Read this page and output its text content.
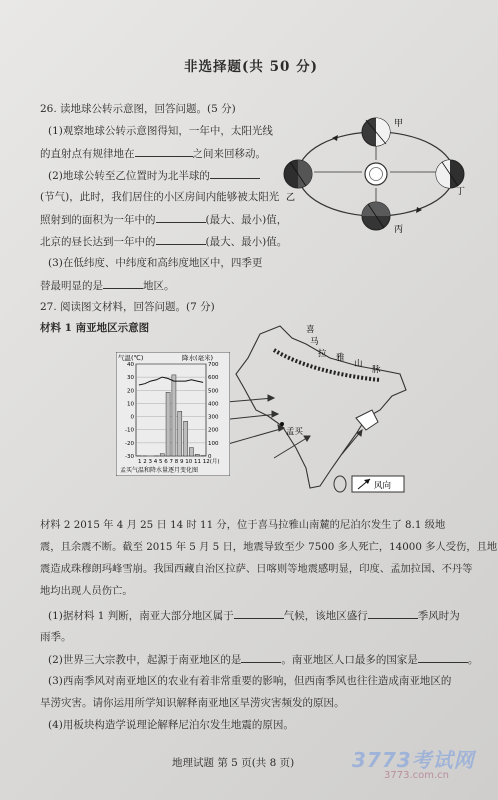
非选择题(共 50 分)
26. 读地球公转示意图，回答问题。(5 分)
(1)观察地球公转示意图得知，一年中，太阳光线
的直射点有规律地在	之间来回移动。
(2)地球公转至乙位置时为北半球的
(节气)，此时，我们居住的小区房间内能够被太阳光
照射到的面积为一年中的	(最大、最小)值，
北京的昼长达到一年中的	(最大、最小)值。
(3)在低纬度、中纬度和高纬度地区中，四季更
替最明显的是	地区。
甲
乙
丙
丁
27. 阅读图文材料，回答问题。(7 分)
材料 1 南亚地区示意图
孟买
喜
马
拉 雅
山
脉
风向
气温(℃)	降水(毫米)
40
30
20
10
0
-10
-20
-30
700
600
500
400
300
200
100
0
1 2 3 4 5 6 7 8 9 10 11 12(月)
孟买气温和降水量逐月变化图
材料 2 2015 年 4 月 25 日 14 时 11 分，位于喜马拉雅山南麓的尼泊尔发生了 8.1 级地
震，且余震不断。截至 2015 年 5 月 5 日，地震导致至少 7500 多人死亡，14000 多人受伤，且地
震造成珠穆朗玛峰雪崩。我国西藏自治区拉萨、日喀则等地震感明显，印度、孟加拉国、不丹等
地均出现人员伤亡。
(1)据材料 1 判断，南亚大部分地区属于	气候，该地区盛行	季风时为
雨季。
(2)世界三大宗教中，起源于南亚地区的是	。南亚地区人口最多的国家是	。
(3)西南季风对南亚地区的农业有着非常重要的影响，但西南季风也往往造成南亚地区的
旱涝灾害。请你运用所学知识解释南亚地区旱涝灾害频发的原因。
(4)用板块构造学说理论解释尼泊尔发生地震的原因。
地理试题 第 5 页(共 8 页)	3773考试网
3773.com.cn
